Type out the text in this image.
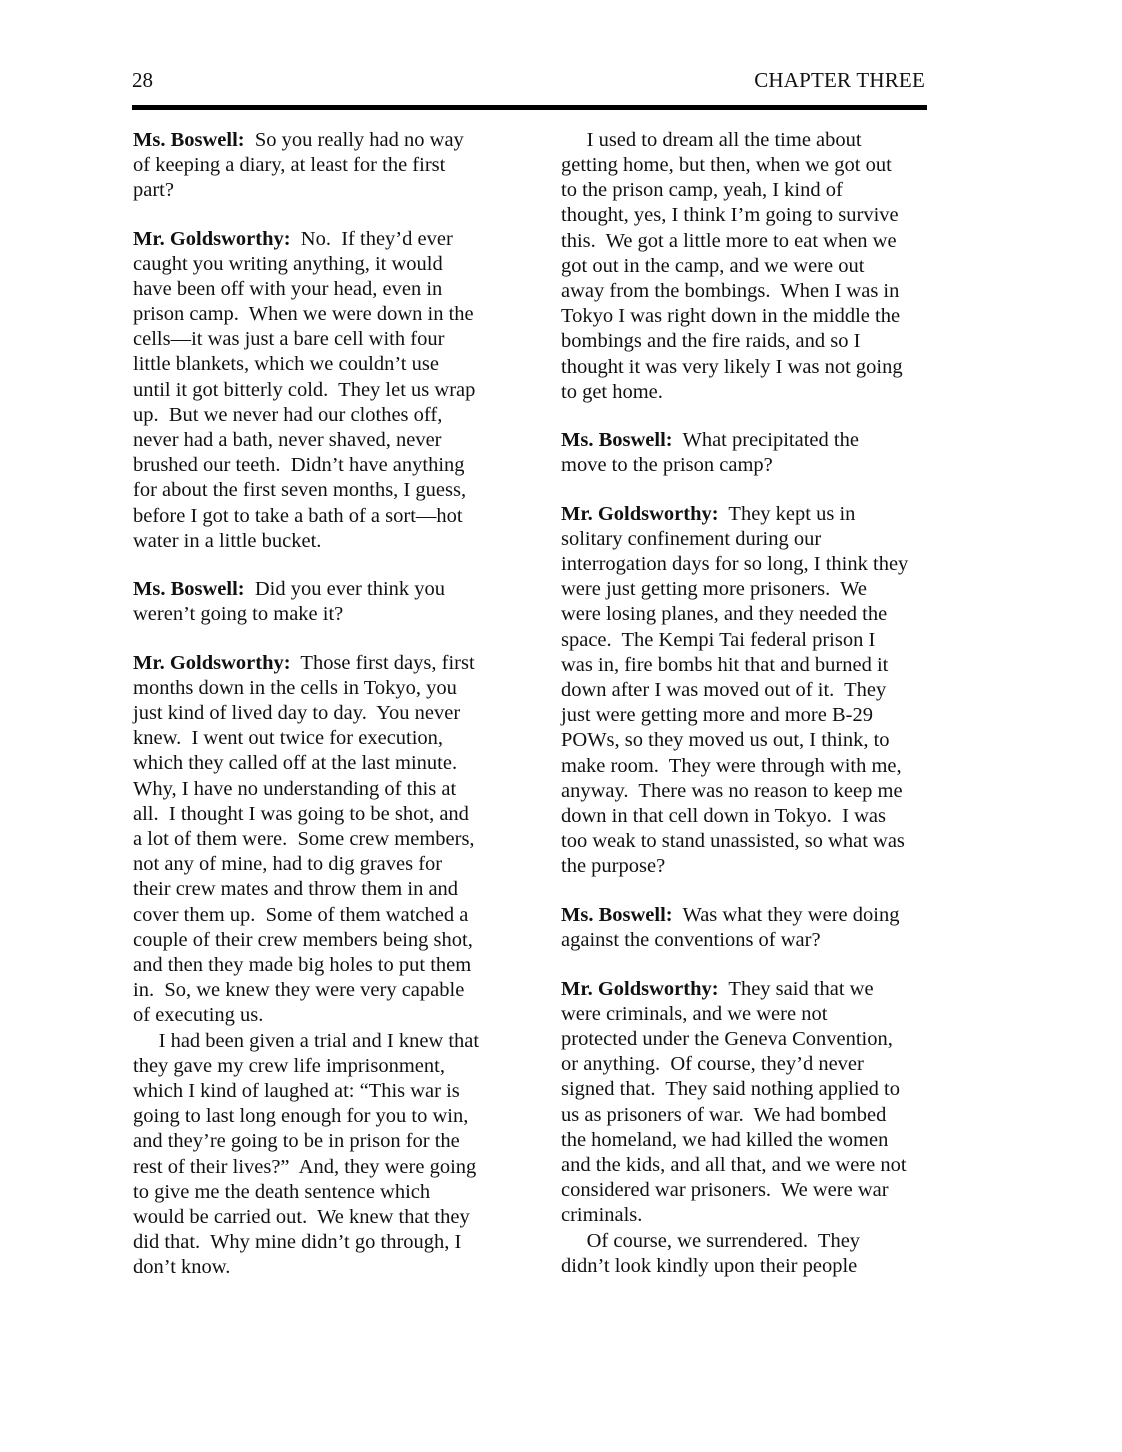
28	CHAPTER THREE
Ms. Boswell:  So you really had no way
of keeping a diary, at least for the first
part?
Mr. Goldsworthy:  No.  If they’d ever
caught you writing anything, it would
have been off with your head, even in
prison camp.  When we were down in the
cells—it was just a bare cell with four
little blankets, which we couldn’t use
until it got bitterly cold.  They let us wrap
up.  But we never had our clothes off,
never had a bath, never shaved, never
brushed our teeth.  Didn’t have anything
for about the first seven months, I guess,
before I got to take a bath of a sort—hot
water in a little bucket.
Ms. Boswell:  Did you ever think you
weren’t going to make it?
Mr. Goldsworthy:  Those first days, first
months down in the cells in Tokyo, you
just kind of lived day to day.  You never
knew.  I went out twice for execution,
which they called off at the last minute.
Why, I have no understanding of this at
all.  I thought I was going to be shot, and
a lot of them were.  Some crew members,
not any of mine, had to dig graves for
their crew mates and throw them in and
cover them up.  Some of them watched a
couple of their crew members being shot,
and then they made big holes to put them
in.  So, we knew they were very capable
of executing us.
I had been given a trial and I knew that
they gave my crew life imprisonment,
which I kind of laughed at: “This war is
going to last long enough for you to win,
and they’re going to be in prison for the
rest of their lives?”  And, they were going
to give me the death sentence which
would be carried out.  We knew that they
did that.  Why mine didn’t go through, I
don’t know.
I used to dream all the time about
getting home, but then, when we got out
to the prison camp, yeah, I kind of
thought, yes, I think I’m going to survive
this.  We got a little more to eat when we
got out in the camp, and we were out
away from the bombings.  When I was in
Tokyo I was right down in the middle the
bombings and the fire raids, and so I
thought it was very likely I was not going
to get home.
Ms. Boswell:  What precipitated the
move to the prison camp?
Mr. Goldsworthy:  They kept us in
solitary confinement during our
interrogation days for so long, I think they
were just getting more prisoners.  We
were losing planes, and they needed the
space.  The Kempi Tai federal prison I
was in, fire bombs hit that and burned it
down after I was moved out of it.  They
just were getting more and more B-29
POWs, so they moved us out, I think, to
make room.  They were through with me,
anyway.  There was no reason to keep me
down in that cell down in Tokyo.  I was
too weak to stand unassisted, so what was
the purpose?
Ms. Boswell:  Was what they were doing
against the conventions of war?
Mr. Goldsworthy:  They said that we
were criminals, and we were not
protected under the Geneva Convention,
or anything.  Of course, they’d never
signed that.  They said nothing applied to
us as prisoners of war.  We had bombed
the homeland, we had killed the women
and the kids, and all that, and we were not
considered war prisoners.  We were war
criminals.
Of course, we surrendered.  They
didn’t look kindly upon their people
